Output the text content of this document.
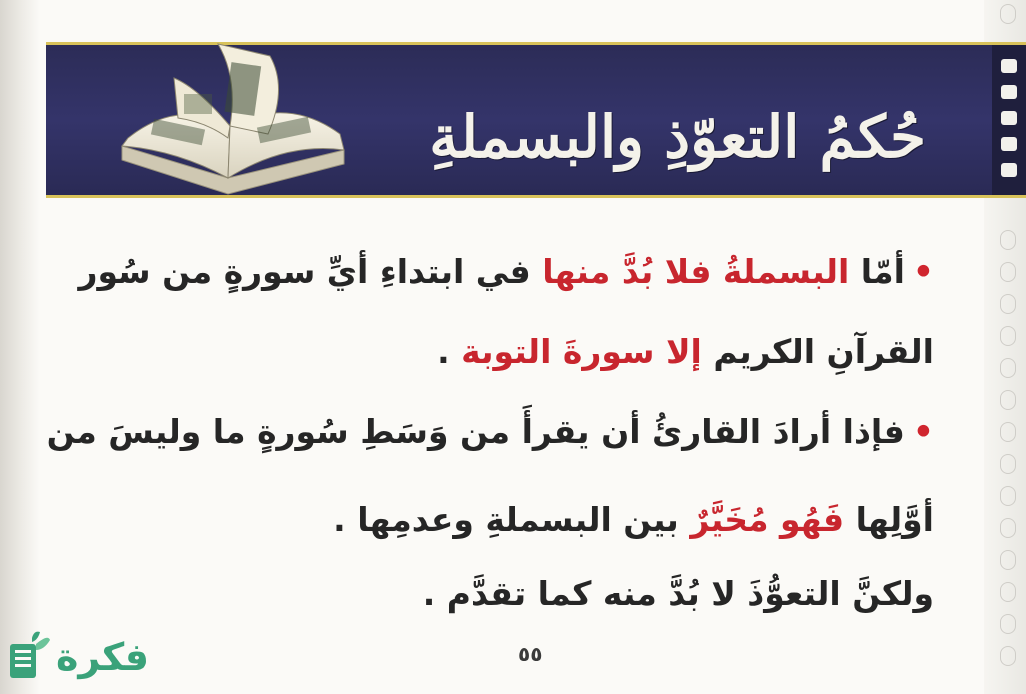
حُكمُ التعوّذِ والبسملةِ
•أمّا البسملةُ فلا بُدَّ منها في ابتداءِ أيِّ سورةٍ من سُور
القرآنِ الكريم إلا سورةَ التوبة .
•فإذا أرادَ القارئُ أن يقرأَ من وَسَطِ سُورةٍ ما وليسَ من
أوَّلِها فَهُو مُخَيَّرٌ بين البسملةِ وعدمِها .
ولكنَّ التعوُّذَ لا بُدَّ منه كما تقدَّم .
٥٥
فكرة
